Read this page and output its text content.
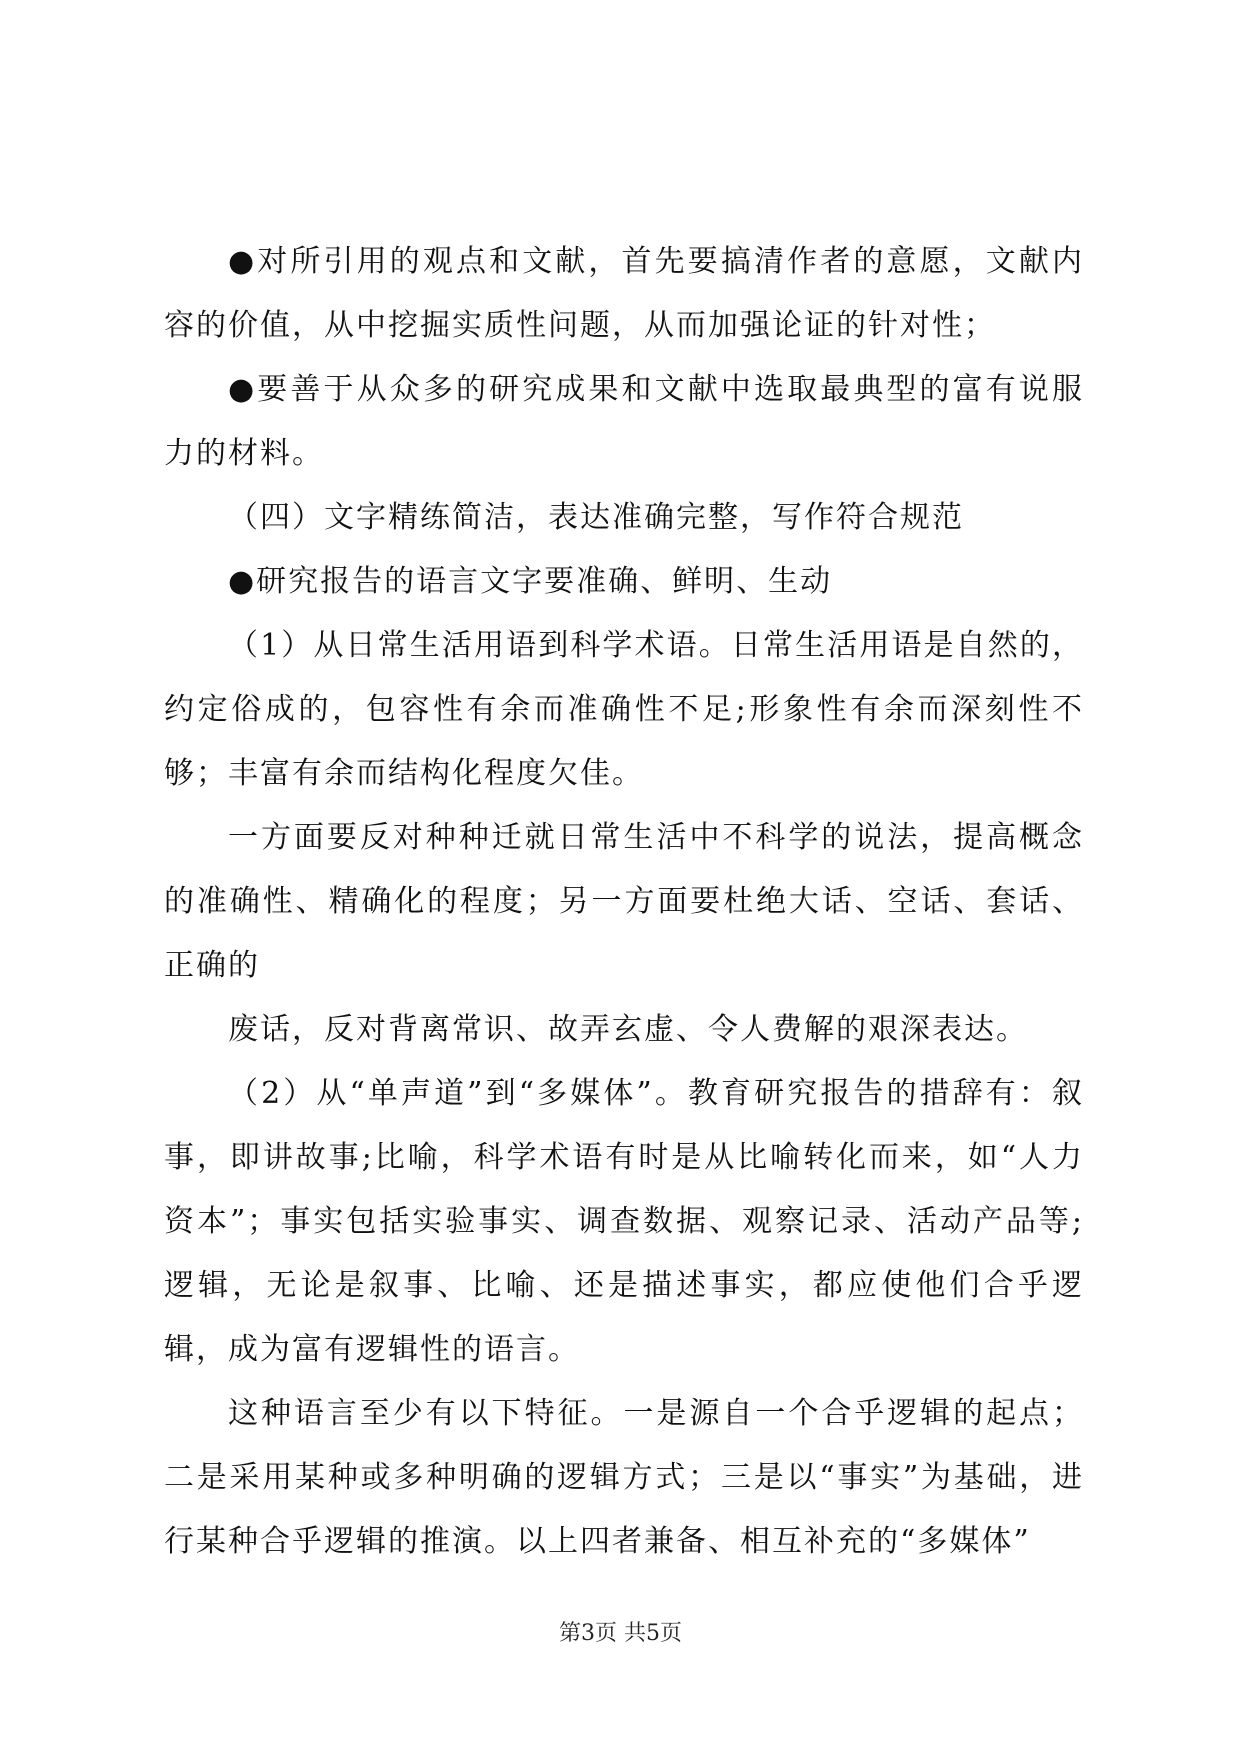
●对所引用的观点和文献，首先要搞清作者的意愿，文献内容的价值，从中挖掘实质性问题，从而加强论证的针对性；

●要善于从众多的研究成果和文献中选取最典型的富有说服力的材料。

（四）文字精练简洁，表达准确完整，写作符合规范

●研究报告的语言文字要准确、鲜明、生动

（1）从日常生活用语到科学术语。日常生活用语是自然的，约定俗成的，包容性有余而准确性不足;形象性有余而深刻性不够；丰富有余而结构化程度欠佳。

一方面要反对种种迁就日常生活中不科学的说法，提高概念的准确性、精确化的程度；另一方面要杜绝大话、空话、套话、正确的

废话，反对背离常识、故弄玄虚、令人费解的艰深表达。

（2）从“单声道”到“多媒体”。教育研究报告的措辞有：叙事，即讲故事;比喻，科学术语有时是从比喻转化而来，如“人力资本”；事实包括实验事实、调查数据、观察记录、活动产品等;逻辑，无论是叙事、比喻、还是描述事实，都应使他们合乎逻辑，成为富有逻辑性的语言。

这种语言至少有以下特征。一是源自一个合乎逻辑的起点；二是采用某种或多种明确的逻辑方式；三是以“事实”为基础，进行某种合乎逻辑的推演。以上四者兼备、相互补充的“多媒体”

第3页 共5页
